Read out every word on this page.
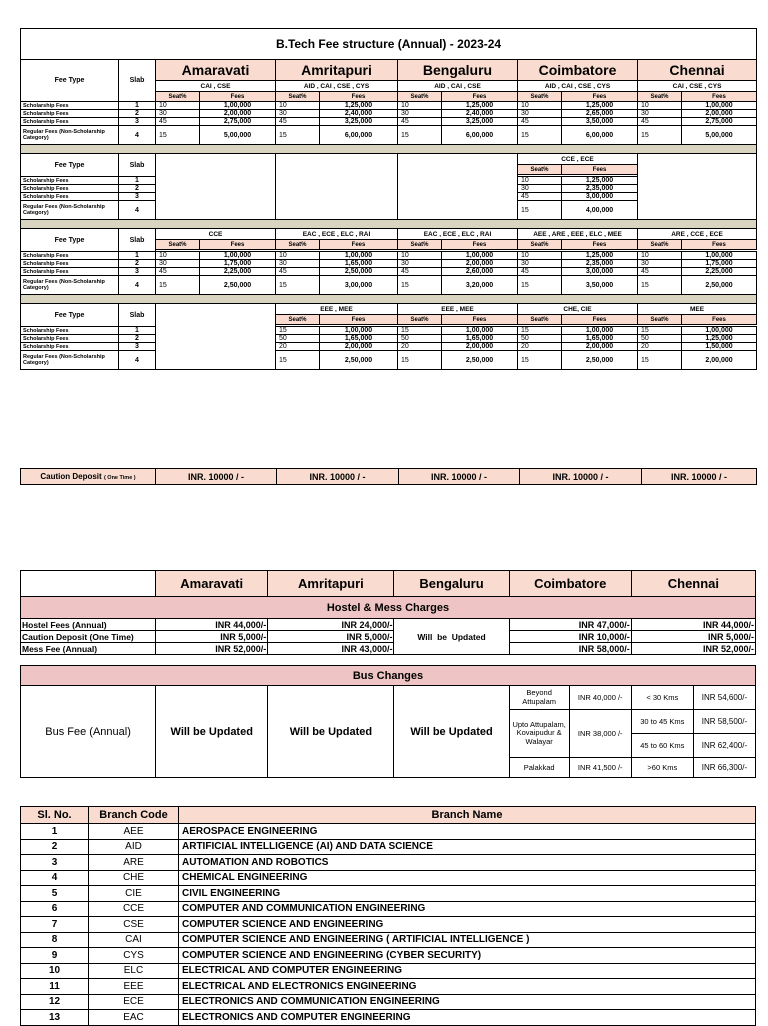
B.Tech Fee structure (Annual) - 2023-24											
Fee Type	Slab	Amaravati		Amritapuri		Bengaluru		Coimbatore		Chennai	
		CAI , CSE		AID , CAI , CSE , CYS		AID , CAI , CSE		AID , CAI , CSE , CYS		CAI , CSE , CYS	
		Seat%	Fees	Seat%	Fees	Seat%	Fees	Seat%	Fees	Seat%	Fees

Scholarship Fees	1	10	1,00,000	10	1,25,000	10	1,25,000	10	1,25,000	10	1,00,000
Scholarship Fees	2	30	2,00,000	30	2,40,000	30	2,40,000	30	2,65,000	30	2,00,000
Scholarship Fees	3	45	2,75,000	45	3,25,000	45	3,25,000	45	3,50,000	45	2,75,000
Regular Fees (Non-Scholarship Category)	4	15	5,00,000	15	6,00,000	15	6,00,000	15	6,00,000	15	5,00,000

Fee Type	Slab							CCE , ECE			
								Seat%	Fees		

Scholarship Fees	1							10	1,25,000		
Scholarship Fees	2							30	2,35,000		
Scholarship Fees	3							45	3,00,000		
Regular Fees (Non-Scholarship Category)	4							15	4,00,000		

Fee Type	Slab	CCE		EAC , ECE , ELC , RAI		EAC , ECE , ELC , RAI		AEE , ARE , EEE , ELC , MEE		ARE , CCE , ECE	
		Seat%	Fees	Seat%	Fees	Seat%	Fees	Seat%	Fees	Seat%	Fees

Scholarship Fees	1	10	1,00,000	10	1,00,000	10	1,00,000	10	1,25,000	10	1,00,000
Scholarship Fees	2	30	1,75,000	30	1,65,000	30	2,00,000	30	2,35,000	30	1,75,000
Scholarship Fees	3	45	2,25,000	45	2,50,000	45	2,60,000	45	3,00,000	45	2,25,000
Regular Fees (Non-Scholarship Category)	4	15	2,50,000	15	3,00,000	15	3,20,000	15	3,50,000	15	2,50,000

Fee Type	Slab			EEE , MEE		EEE , MEE		CHE, CIE		MEE	
				Seat%	Fees	Seat%	Fees	Seat%	Fees	Seat%	Fees

Scholarship Fees	1			15	1,00,000	15	1,00,000	15	1,00,000	15	1,00,000
Scholarship Fees	2			50	1,65,000	50	1,65,000	50	1,65,000	50	1,25,000
Scholarship Fees	3			20	2,00,000	20	2,00,000	20	2,00,000	20	1,50,000
Regular Fees (Non-Scholarship Category)	4			15	2,50,000	15	2,50,000	15	2,50,000	15	2,00,000
Caution Deposit ( One Time )	INR. 10000 / -	INR. 10000 / -	INR. 10000 / -	INR. 10000 / -	INR. 10000 / -
	Amaravati	Amritapuri	Bengaluru	Coimbatore		Chennai	
Hostel & Mess Charges							
Hostel Fees (Annual)	INR 44,000/-	INR 24,000/-	Will  be  Updated	INR 47,000/-		INR 44,000/-	
Caution Deposit (One Time)	INR 5,000/-	INR 5,000/-		INR 10,000/-		INR 5,000/-	
Mess Fee (Annual)	INR 52,000/-	INR 43,000/-		INR 58,000/-		INR 52,000/-	

Bus Changes							
Bus Fee (Annual)	Will be Updated	Will be Updated	Will be Updated	Beyond Attupalam	INR 40,000 /-	< 30 Kms	INR 54,600/-
				Upto Attupalam, Kovaipudur & Walayar	INR 38,000 /-	30 to 45 Kms	INR 58,500/-
						45 to 60 Kms	INR 62,400/-
				Palakkad	INR 41,500 /-	>60 Kms	INR 66,300/-
Sl. No.	Branch Code	Branch Name
1	AEE	AEROSPACE ENGINEERING
2	AID	ARTIFICIAL INTELLIGENCE (AI) AND DATA SCIENCE
3	ARE	AUTOMATION AND ROBOTICS
4	CHE	CHEMICAL ENGINEERING
5	CIE	CIVIL ENGINEERING
6	CCE	COMPUTER AND COMMUNICATION ENGINEERING
7	CSE	COMPUTER SCIENCE AND ENGINEERING
8	CAI	COMPUTER SCIENCE AND ENGINEERING ( ARTIFICIAL INTELLIGENCE )
9	CYS	COMPUTER SCIENCE AND ENGINEERING (CYBER SECURITY)
10	ELC	ELECTRICAL AND COMPUTER ENGINEERING
11	EEE	ELECTRICAL AND ELECTRONICS ENGINEERING
12	ECE	ELECTRONICS AND COMMUNICATION ENGINEERING
13	EAC	ELECTRONICS AND COMPUTER ENGINEERING
